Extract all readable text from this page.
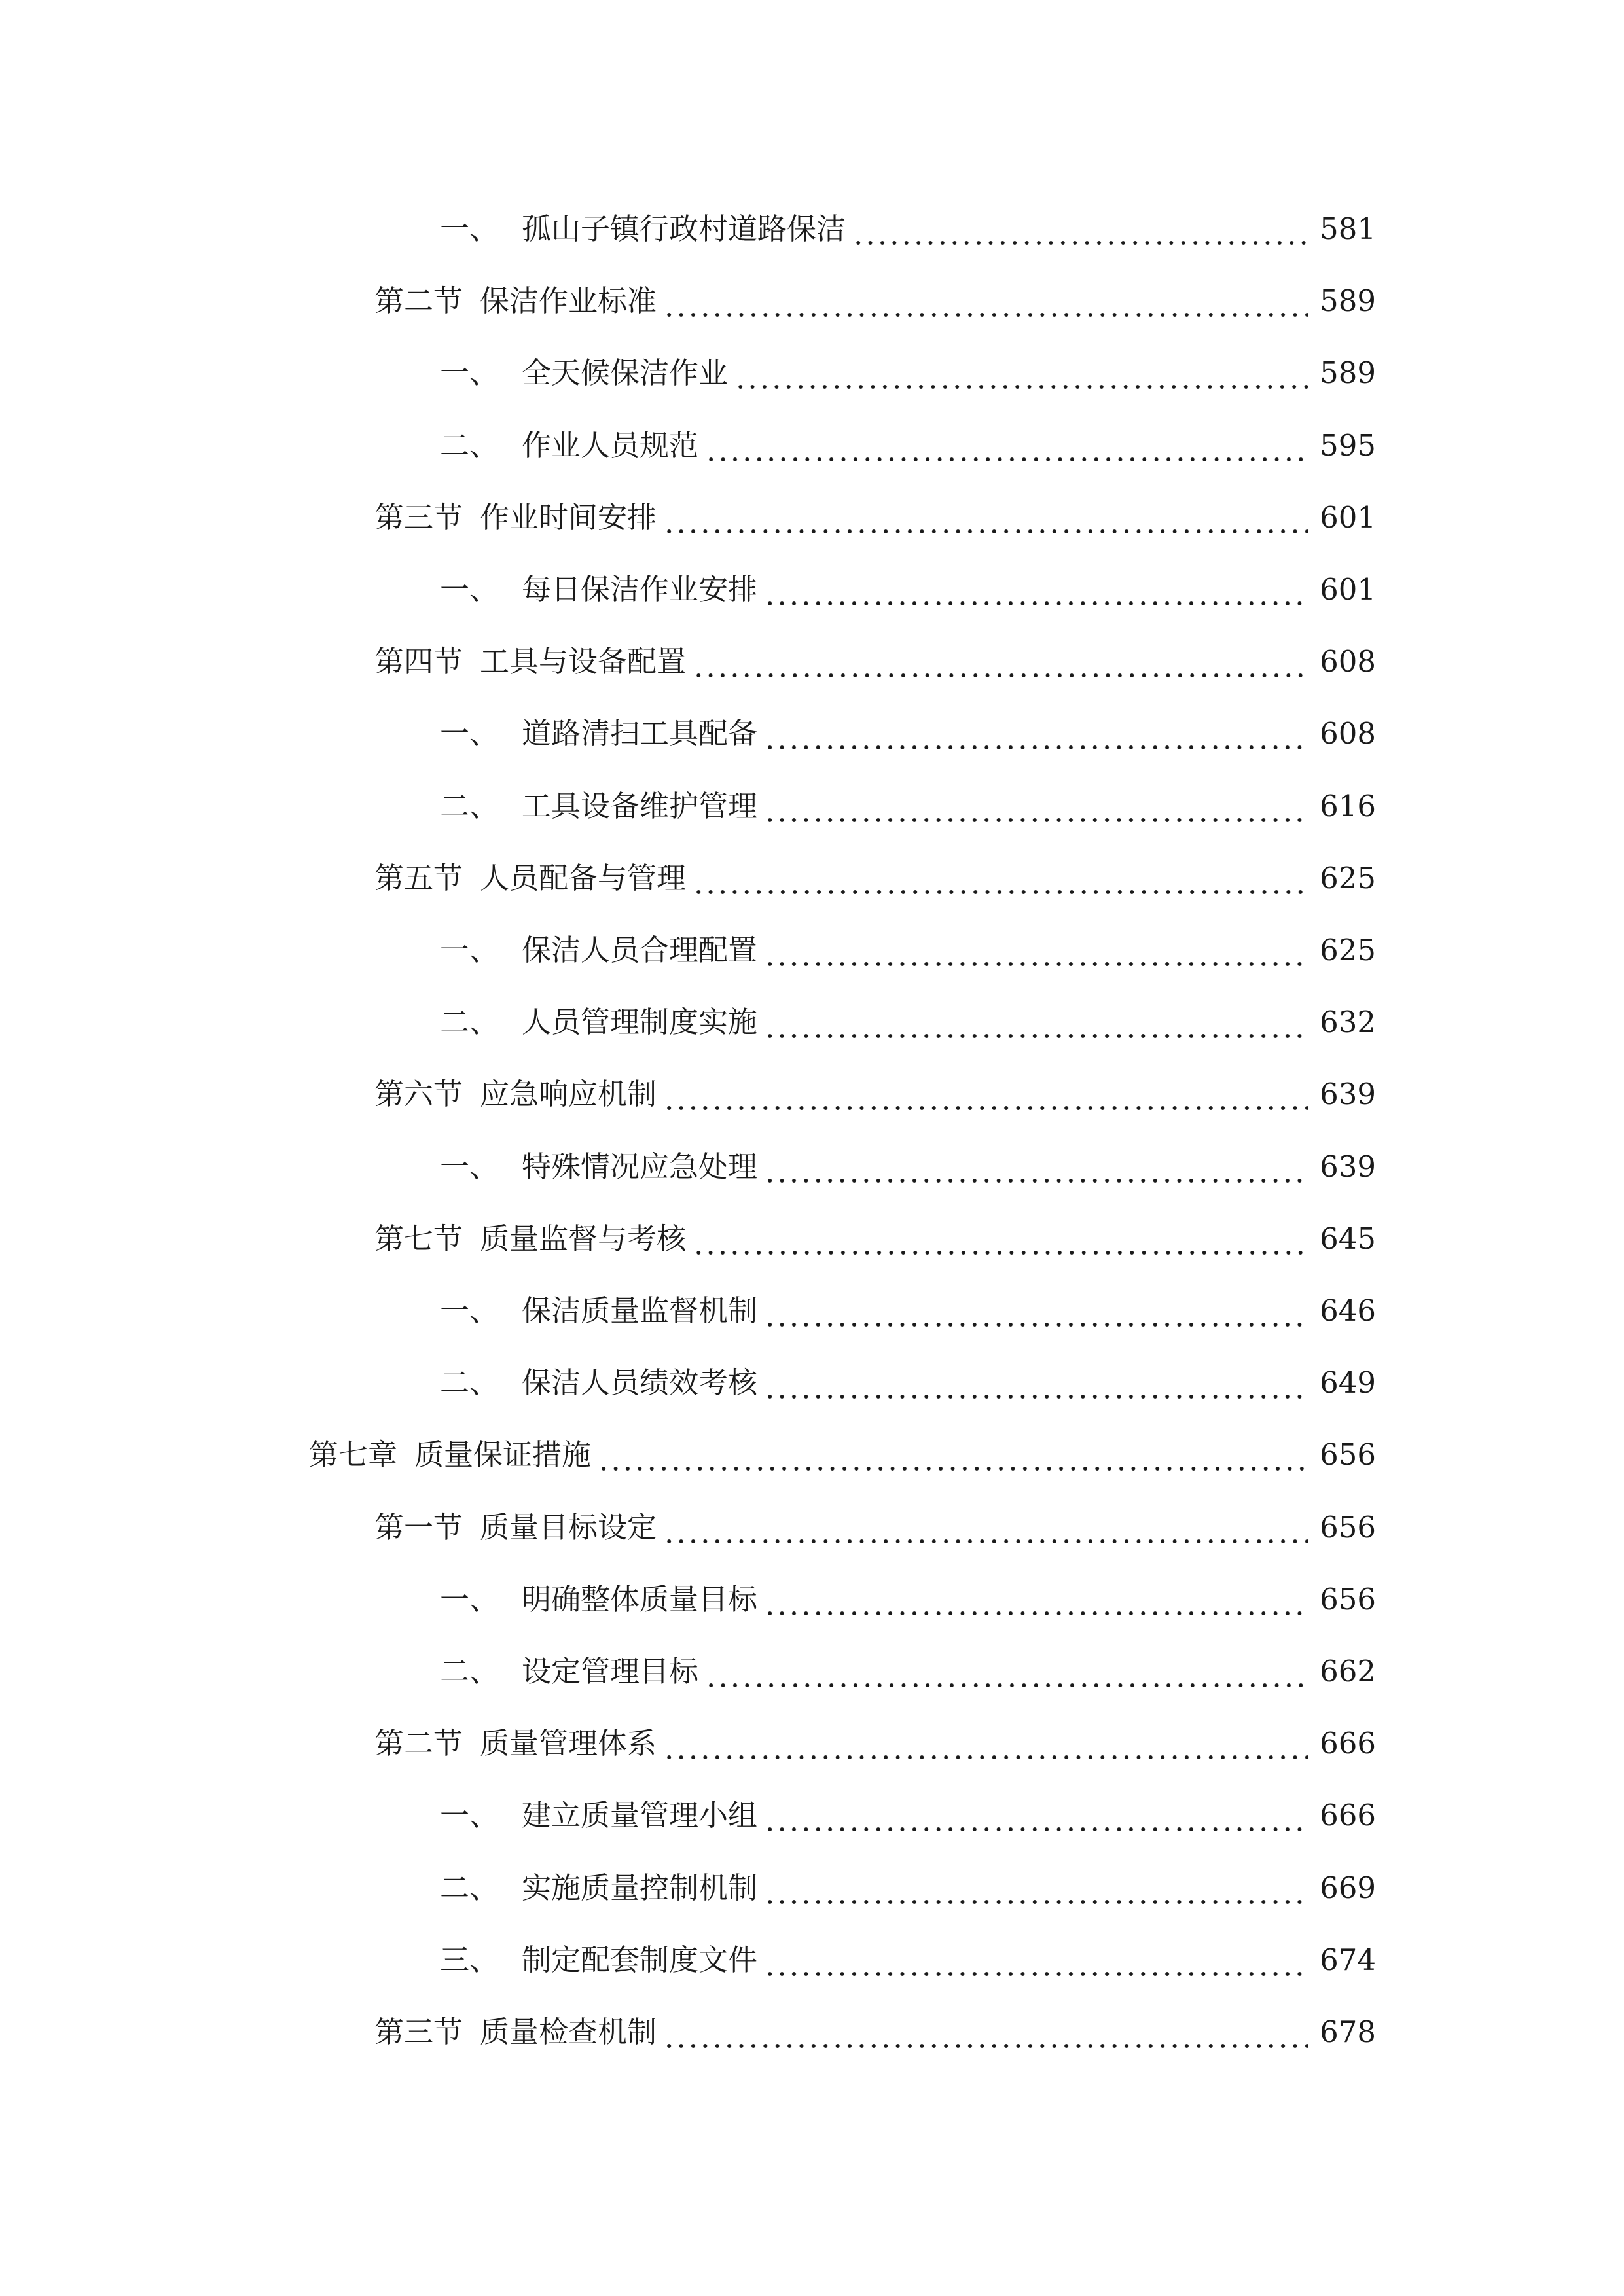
一、 孤山子镇行政村道路保洁	581
第二节 保洁作业标准	589
一、 全天候保洁作业	589
二、 作业人员规范	595
第三节 作业时间安排	601
一、 每日保洁作业安排	601
第四节 工具与设备配置	608
一、 道路清扫工具配备	608
二、 工具设备维护管理	616
第五节 人员配备与管理	625
一、 保洁人员合理配置	625
二、 人员管理制度实施	632
第六节 应急响应机制	639
一、 特殊情况应急处理	639
第七节 质量监督与考核	645
一、 保洁质量监督机制	646
二、 保洁人员绩效考核	649
第七章 质量保证措施	656
第一节 质量目标设定	656
一、 明确整体质量目标	656
二、 设定管理目标	662
第二节 质量管理体系	666
一、 建立质量管理小组	666
二、 实施质量控制机制	669
三、 制定配套制度文件	674
第三节 质量检查机制	678
